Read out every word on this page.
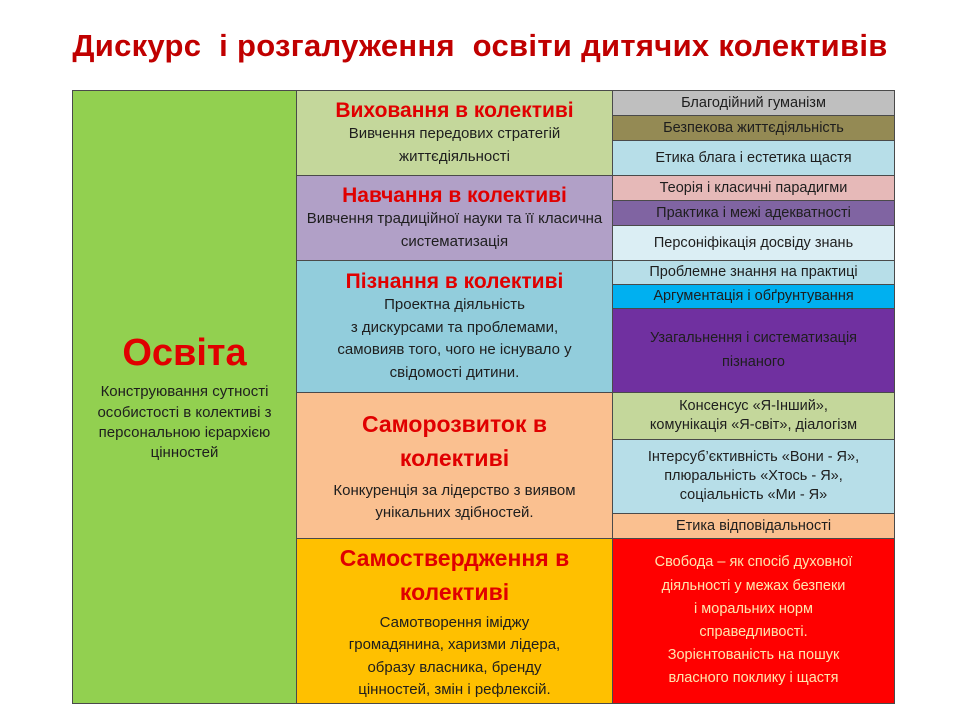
Дискурс  і розгалуження  освіти дитячих колективів
Освіта
Конструювання сутності особистості в колективі з персональною ієрархією цінностей
Виховання в колективі
Вивчення передових стратегій життєдіяльності
Благодійний гуманізм
Безпекова життєдіяльність
Етика блага і естетика щастя
Навчання в колективі
Вивчення традиційної науки та її класична систематизація
Теорія і класичні парадигми
Практика і межі адекватності
Персоніфікація досвіду знань
Пізнання в колективі
Проектна діяльність
з дискурсами та проблемами,
самовияв того, чого не існувало у свідомості дитини.
Проблемне знання на практиці
Аргументація і обґрунтування
Узагальнення і систематизація пізнаного
Саморозвиток в колективі
Конкуренція за лідерство з виявом унікальних здібностей.
Консенсус «Я-Інший»,
комунікація «Я-світ», діалогізм
Інтерсуб’єктивність «Вони - Я»,
плюральність «Хтось - Я»,
соціальність «Ми - Я»
Етика відповідальності
Самоствердження в колективі
Самотворення іміджу
громадянина, харизми лідера,
образу власника, бренду
цінностей, змін і рефлексій.
Свобода – як спосіб духовної
діяльності у межах безпеки
і моральних норм
справедливості.
Зорієнтованість на пошук
власного поклику і щастя
